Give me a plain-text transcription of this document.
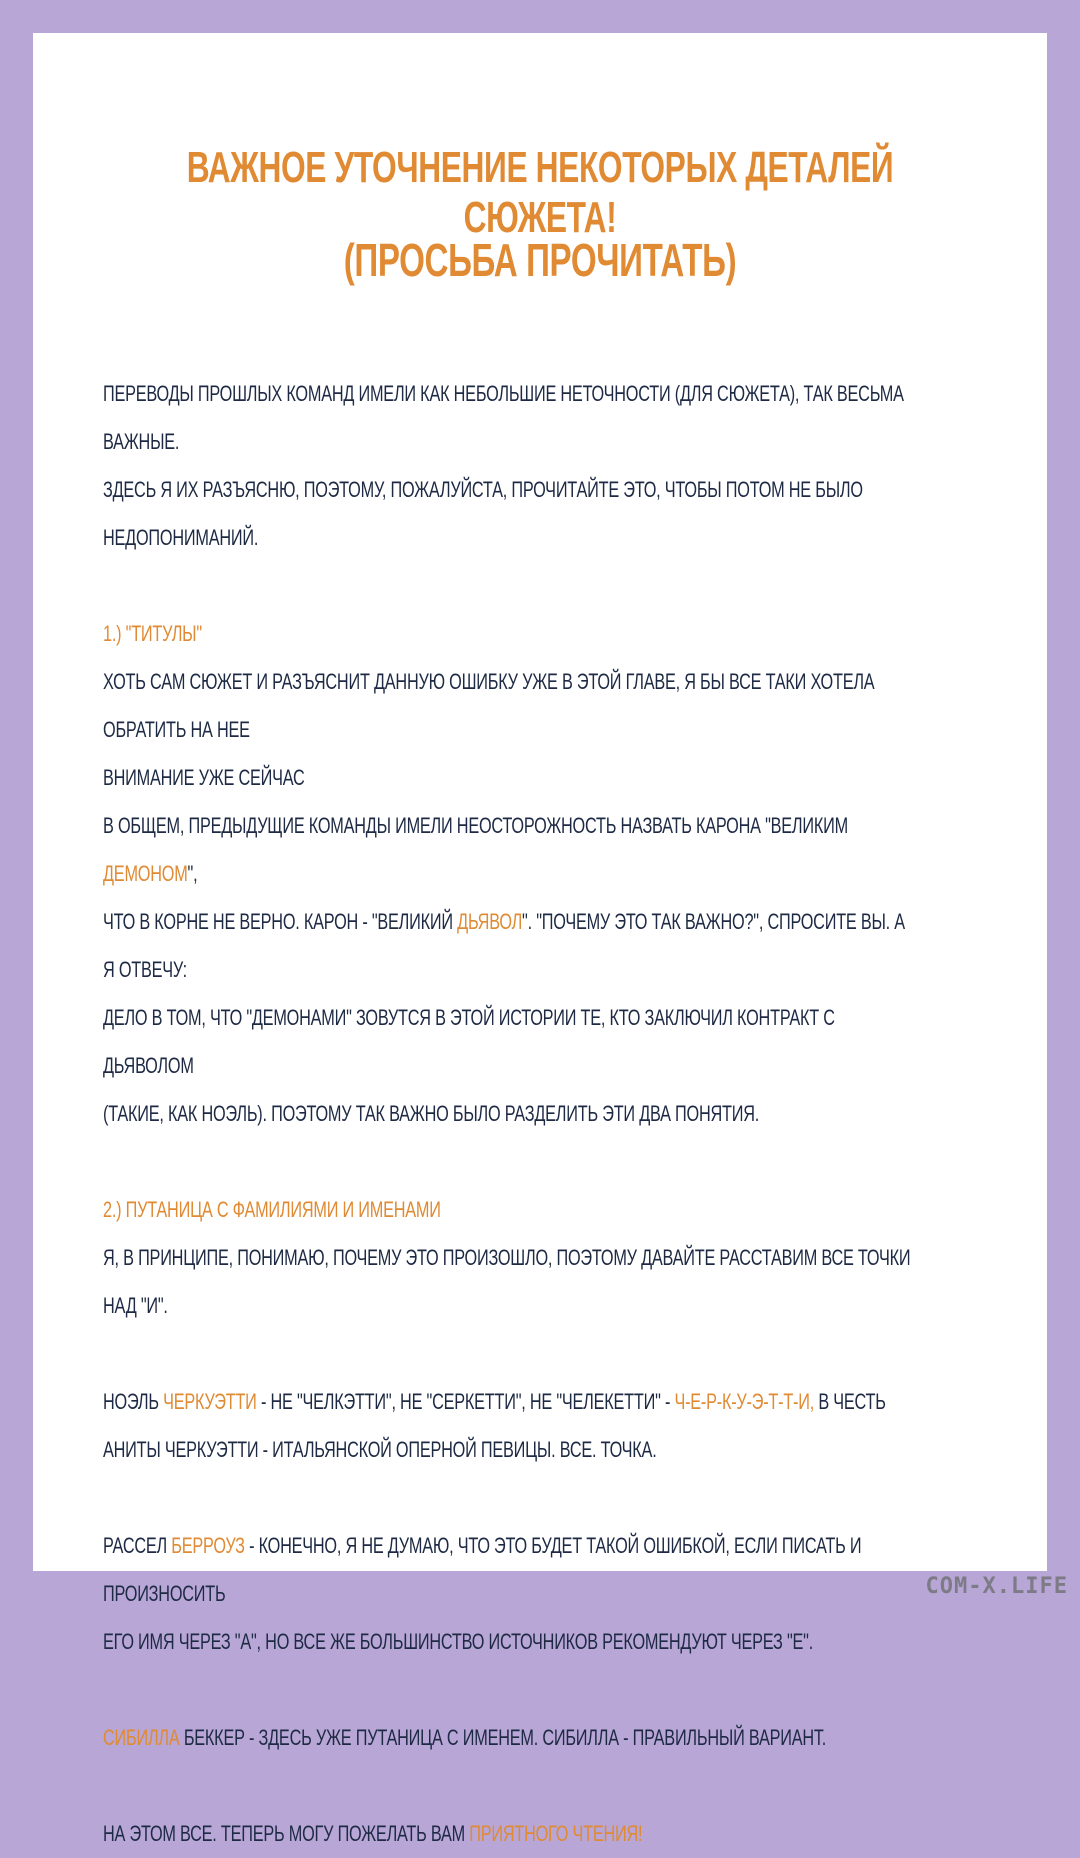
ВАЖНОЕ УТОЧНЕНИЕ НЕКОТОРЫХ ДЕТАЛЕЙ СЮЖЕТА!
(ПРОСЬБА ПРОЧИТАТЬ)

ПЕРЕВОДЫ ПРОШЛЫХ КОМАНД ИМЕЛИ КАК НЕБОЛЬШИЕ НЕТОЧНОСТИ (ДЛЯ СЮЖЕТА), ТАК ВЕСЬМА ВАЖНЫЕ.

ЗДЕСЬ Я ИХ РАЗЪЯСНЮ, ПОЭТОМУ, ПОЖАЛУЙСТА, ПРОЧИТАЙТЕ ЭТО, ЧТОБЫ ПОТОМ НЕ БЫЛО

НЕДОПОНИМАНИЙ.

1.) "ТИТУЛЫ"

ХОТЬ САМ СЮЖЕТ И РАЗЪЯСНИТ ДАННУЮ ОШИБКУ УЖЕ В ЭТОЙ ГЛАВЕ, Я БЫ ВСЕ ТАКИ ХОТЕЛА ОБРАТИТЬ НА НЕЕ

ВНИМАНИЕ УЖЕ СЕЙЧАС

В ОБЩЕМ, ПРЕДЫДУЩИЕ КОМАНДЫ ИМЕЛИ НЕОСТОРОЖНОСТЬ НАЗВАТЬ КАРОНА "ВЕЛИКИМ ДЕМОНОМ",

ЧТО В КОРНЕ НЕ ВЕРНО. КАРОН - "ВЕЛИКИЙ ДЬЯВОЛ". "ПОЧЕМУ ЭТО ТАК ВАЖНО?", СПРОСИТЕ ВЫ. А Я ОТВЕЧУ:

ДЕЛО В ТОМ, ЧТО "ДЕМОНАМИ" ЗОВУТСЯ В ЭТОЙ ИСТОРИИ ТЕ, КТО ЗАКЛЮЧИЛ КОНТРАКТ С ДЬЯВОЛОМ

(ТАКИЕ, КАК НОЭЛЬ). ПОЭТОМУ ТАК ВАЖНО БЫЛО РАЗДЕЛИТЬ ЭТИ ДВА ПОНЯТИЯ.

2.) ПУТАНИЦА С ФАМИЛИЯМИ И ИМЕНАМИ

Я, В ПРИНЦИПЕ, ПОНИМАЮ, ПОЧЕМУ ЭТО ПРОИЗОШЛО, ПОЭТОМУ ДАВАЙТЕ РАССТАВИМ ВСЕ ТОЧКИ НАД "И".

НОЭЛЬ ЧЕРКУЭТТИ - НЕ "ЧЕЛКЭТТИ", НЕ "СЕРКЕТТИ", НЕ "ЧЕЛЕКЕТТИ" - Ч-Е-Р-К-У-Э-Т-Т-И, В ЧЕСТЬ

АНИТЫ ЧЕРКУЭТТИ - ИТАЛЬЯНСКОЙ ОПЕРНОЙ ПЕВИЦЫ. ВСЕ. ТОЧКА.

РАССЕЛ БЕРРОУЗ - КОНЕЧНО, Я НЕ ДУМАЮ, ЧТО ЭТО БУДЕТ ТАКОЙ ОШИБКОЙ, ЕСЛИ ПИСАТЬ И ПРОИЗНОСИТЬ

ЕГО ИМЯ ЧЕРЕЗ "А", НО ВСЕ ЖЕ БОЛЬШИНСТВО ИСТОЧНИКОВ РЕКОМЕНДУЮТ ЧЕРЕЗ "Е".

СИБИЛЛА БЕККЕР - ЗДЕСЬ УЖЕ ПУТАНИЦА С ИМЕНЕМ. СИБИЛЛА - ПРАВИЛЬНЫЙ ВАРИАНТ.

НА ЭТОМ ВСЕ. ТЕПЕРЬ МОГУ ПОЖЕЛАТЬ ВАМ ПРИЯТНОГО ЧТЕНИЯ!

COM-X.LIFE
